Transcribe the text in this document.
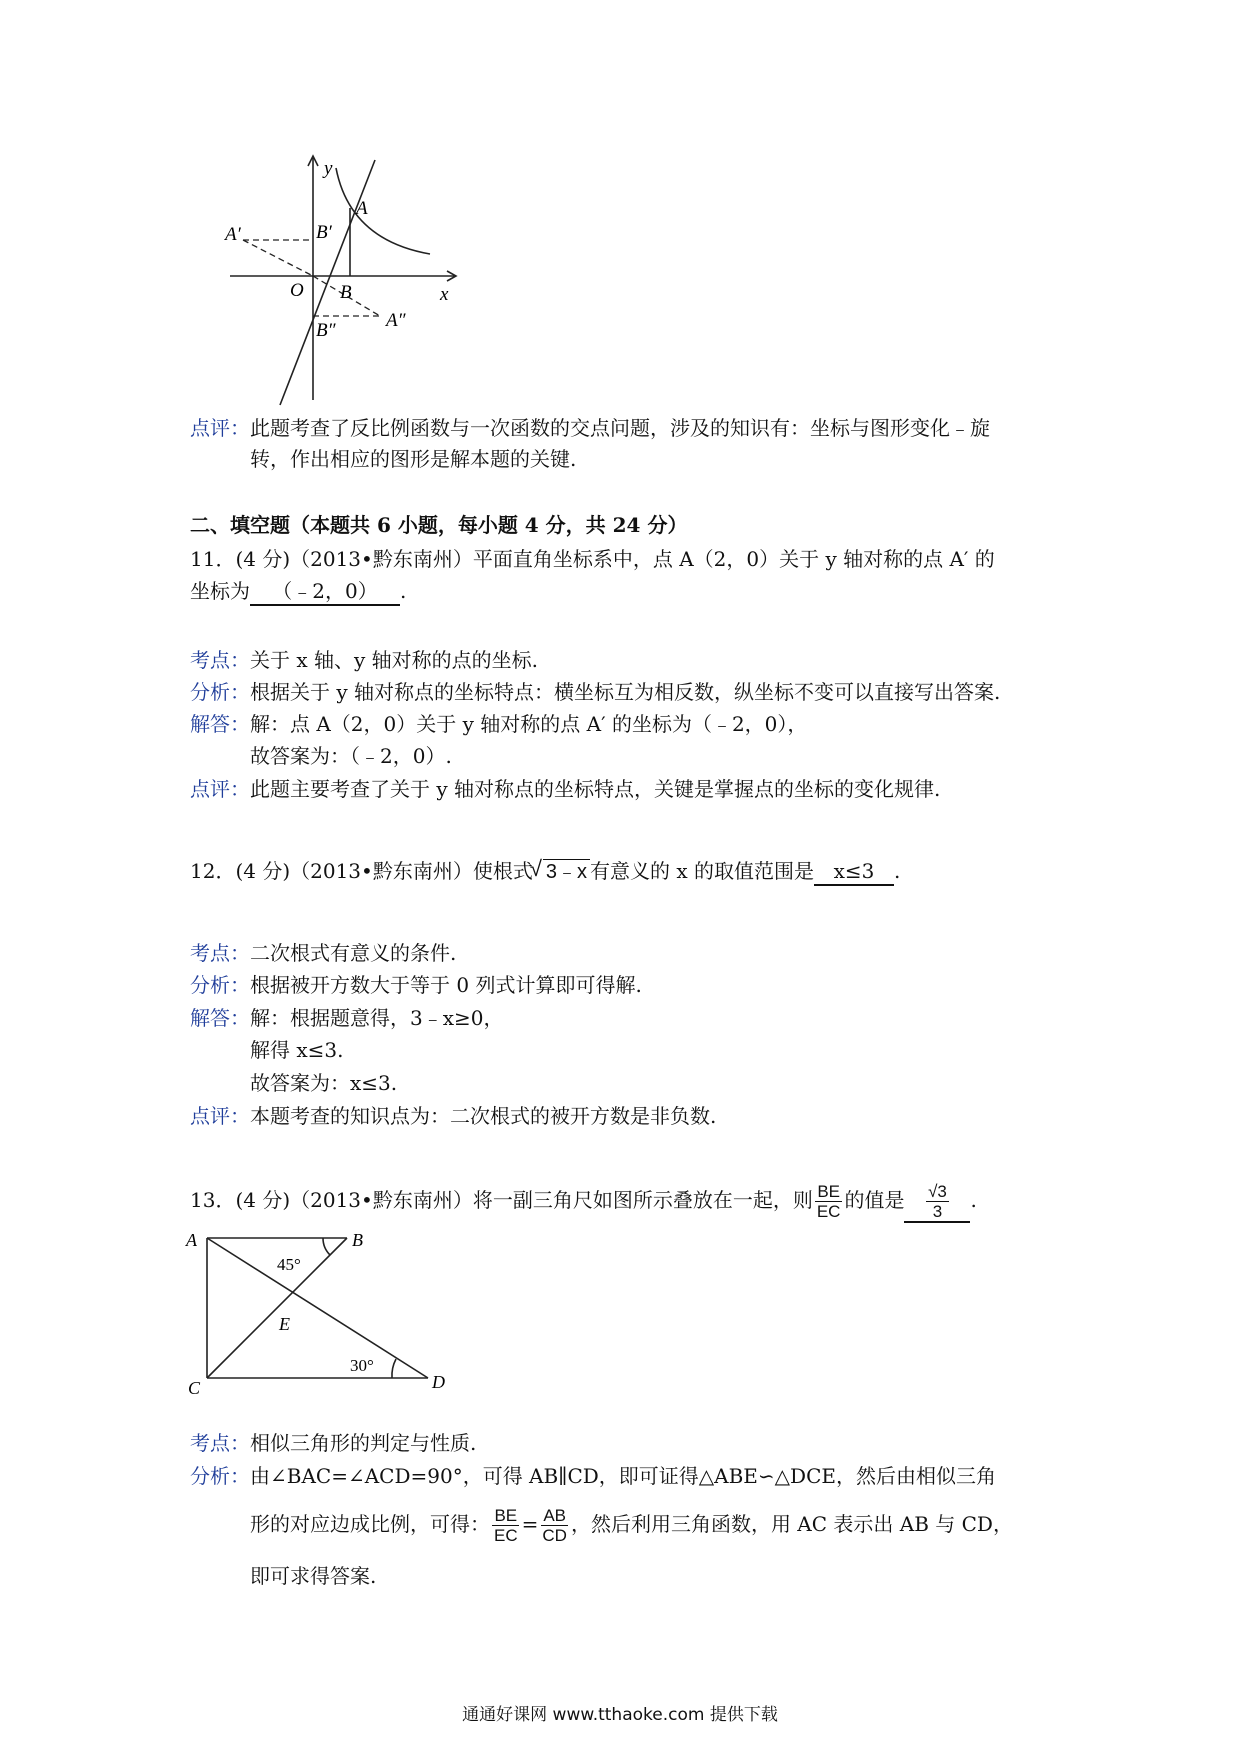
y
x
O
A
B
A′	B′
A″
B″
点评：此题考查了反比例函数与一次函数的交点问题，涉及的知识有：坐标与图形变化﹣旋
转，作出相应的图形是解本题的关键.
二、填空题（本题共 6 小题，每小题 4 分，共 24 分）
11．(4 分)（2013•黔东南州）平面直角坐标系中，点 A（2，0）关于 y 轴对称的点 A′ 的
坐标为 （﹣2，0） .
考点：关于 x 轴、y 轴对称的点的坐标.
分析：根据关于 y 轴对称点的坐标特点：横坐标互为相反数，纵坐标不变可以直接写出答案.
解答：解：点 A（2，0）关于 y 轴对称的点 A′ 的坐标为（﹣2，0），
故答案为：（﹣2，0）.
点评：此题主要考查了关于 y 轴对称点的坐标特点，关键是掌握点的坐标的变化规律.
12．(4 分)（2013•黔东南州）使根式√ 3﹣x 有意义的 x 的取值范围是 x≤3 .
考点：二次根式有意义的条件.
分析：根据被开方数大于等于 0 列式计算即可得解.
解答：解：根据题意得，3﹣x≥0，
解得 x≤3.
故答案为：x≤3.
点评：本题考查的知识点为：二次根式的被开方数是非负数.
13．(4 分)（2013•黔东南州）将一副三角尺如图所示叠放在一起，则 $\frac{BE}{EC}$ 的值是 $\frac{√3}{3}$ .
A	B
C	D
E
45°
30°
考点：相似三角形的判定与性质.
分析：由∠BAC=∠ACD=90°，可得 AB∥CD，即可证得△ABE∽△DCE，然后由相似三角
形的对应边成比例，可得： $\frac{BE}{EC} = \frac{AB}{CD}$ ，然后利用三角函数，用 AC 表示出 AB 与 CD，
即可求得答案.
通通好课网 www.tthaoke.com 提供下载
